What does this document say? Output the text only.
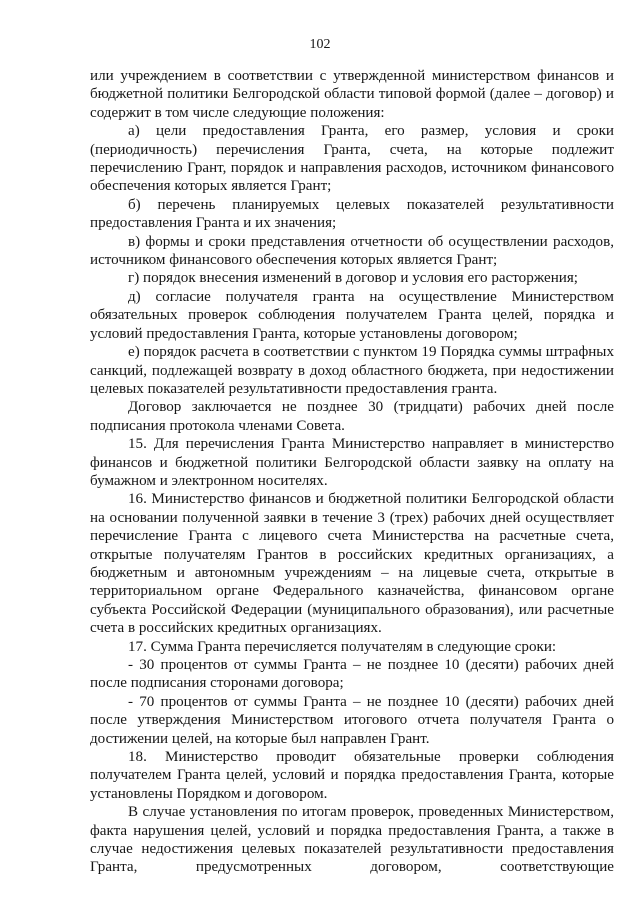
102

или учреждением в соответствии с утвержденной министерством финансов и бюджетной политики Белгородской области типовой формой (далее – договор) и содержит в том числе следующие положения:

а) цели предоставления Гранта, его размер, условия и сроки (периодичность) перечисления Гранта, счета, на которые подлежит перечислению Грант, порядок и направления расходов, источником финансового обеспечения которых является Грант;

б) перечень планируемых целевых показателей результативности предоставления Гранта и их значения;

в) формы и сроки представления отчетности об осуществлении расходов, источником финансового обеспечения которых является Грант;

г) порядок внесения изменений в договор и условия его расторжения;

д) согласие получателя гранта на осуществление Министерством обязательных проверок соблюдения получателем Гранта целей, порядка и условий предоставления Гранта, которые установлены договором;

е) порядок расчета в соответствии с пунктом 19 Порядка суммы штрафных санкций, подлежащей возврату в доход областного бюджета, при недостижении целевых показателей результативности предоставления гранта.

Договор заключается не позднее 30 (тридцати) рабочих дней после подписания протокола членами Совета.

15. Для перечисления Гранта Министерство направляет в министерство финансов и бюджетной политики Белгородской области заявку на оплату на бумажном и электронном носителях.

16. Министерство финансов и бюджетной политики Белгородской области на основании полученной заявки в течение 3 (трех) рабочих дней осуществляет перечисление Гранта с лицевого счета Министерства на расчетные счета, открытые получателям Грантов в российских кредитных организациях, а бюджетным и автономным учреждениям – на лицевые счета, открытые в территориальном органе Федерального казначейства, финансовом органе субъекта Российской Федерации (муниципального образования), или расчетные счета в российских кредитных организациях.

17. Сумма Гранта перечисляется получателям в следующие сроки:

- 30 процентов от суммы Гранта – не позднее 10 (десяти) рабочих дней после подписания сторонами договора;

- 70 процентов от суммы Гранта – не позднее 10 (десяти) рабочих дней после утверждения Министерством итогового отчета получателя Гранта о достижении целей, на которые был направлен Грант.

18. Министерство проводит обязательные проверки соблюдения получателем Гранта целей, условий и порядка предоставления Гранта, которые установлены Порядком и договором.

В случае установления по итогам проверок, проведенных Министерством, факта нарушения целей, условий и порядка предоставления Гранта, а также в случае недостижения целевых показателей результативности предоставления Гранта, предусмотренных договором, соответствующие
